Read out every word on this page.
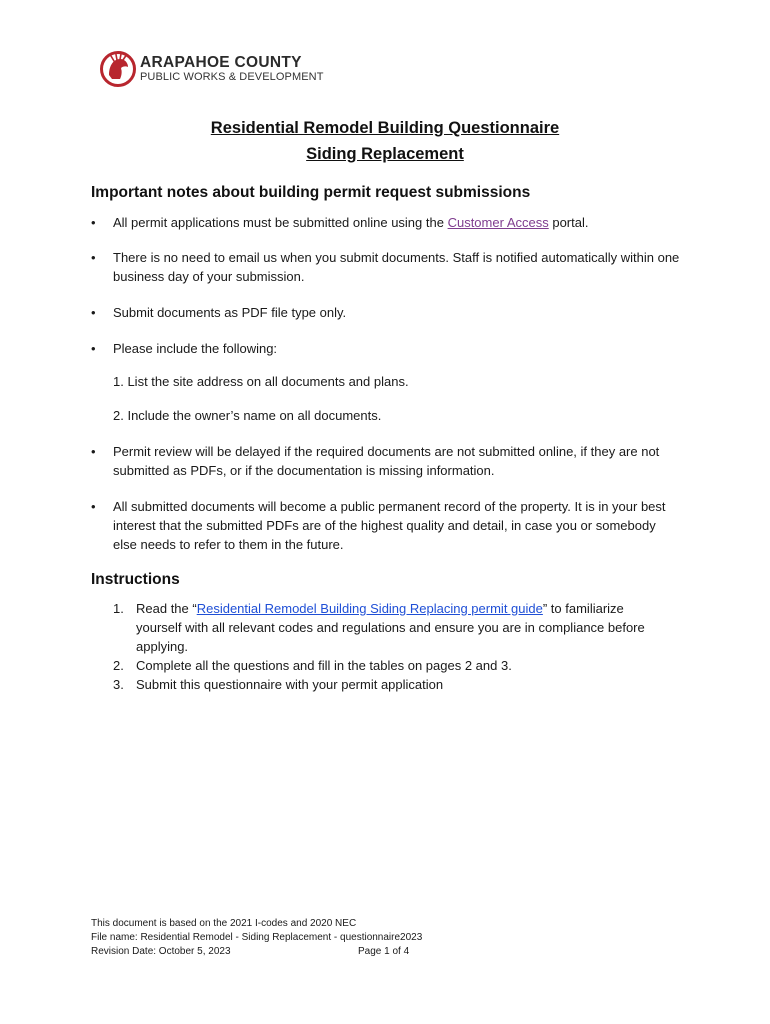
ARAPAHOE COUNTY
PUBLIC WORKS & DEVELOPMENT
Residential Remodel Building Questionnaire
Siding Replacement
Important notes about building permit request submissions
•	All permit applications must be submitted online using the Customer Access portal.
•	There is no need to email us when you submit documents. Staff is notified automatically within one business day of your submission.
•	Submit documents as PDF file type only.
•	Please include the following:
1. List the site address on all documents and plans.
2. Include the owner’s name on all documents.
•	Permit review will be delayed if the required documents are not submitted online, if they are not submitted as PDFs, or if the documentation is missing information.
•	All submitted documents will become a public permanent record of the property. It is in your best interest that the submitted PDFs are of the highest quality and detail, in case you or somebody else needs to refer to them in the future.
Instructions
1. Read the “Residential Remodel Building Siding Replacing permit guide” to familiarize yourself with all relevant codes and regulations and ensure you are in compliance before applying.
2. Complete all the questions and fill in the tables on pages 2 and 3.
3. Submit this questionnaire with your permit application
This document is based on the 2021 I-codes and 2020 NEC
File name: Residential Remodel - Siding Replacement - questionnaire2023
Revision Date: October 5, 2023	Page 1 of 4
